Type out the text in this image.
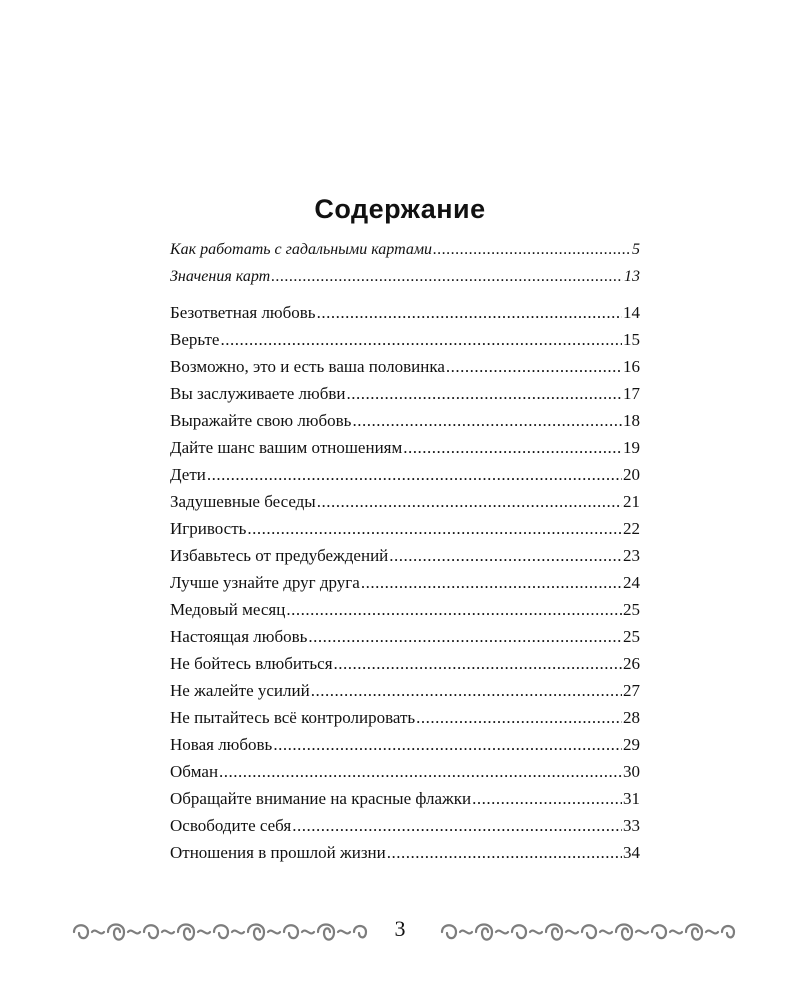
Содержание
Как работать с гадальными картами .....	5
Значения карт .....	13
Безответная любовь .....	14
Верьте .....	15
Возможно, это и есть ваша половинка .....	16
Вы заслуживаете любви .....	17
Выражайте свою любовь .....	18
Дайте шанс вашим отношениям .....	19
Дети .....	20
Задушевные беседы .....	21
Игривость .....	22
Избавьтесь от предубеждений .....	23
Лучше узнайте друг друга .....	24
Медовый месяц .....	25
Настоящая любовь .....	25
Не бойтесь влюбиться .....	26
Не жалейте усилий .....	27
Не пытайтесь всё контролировать .....	28
Новая любовь .....	29
Обман .....	30
Обращайте внимание на красные флажки .....	31
Освободите себя .....	33
Отношения в прошлой жизни .....	34
3
